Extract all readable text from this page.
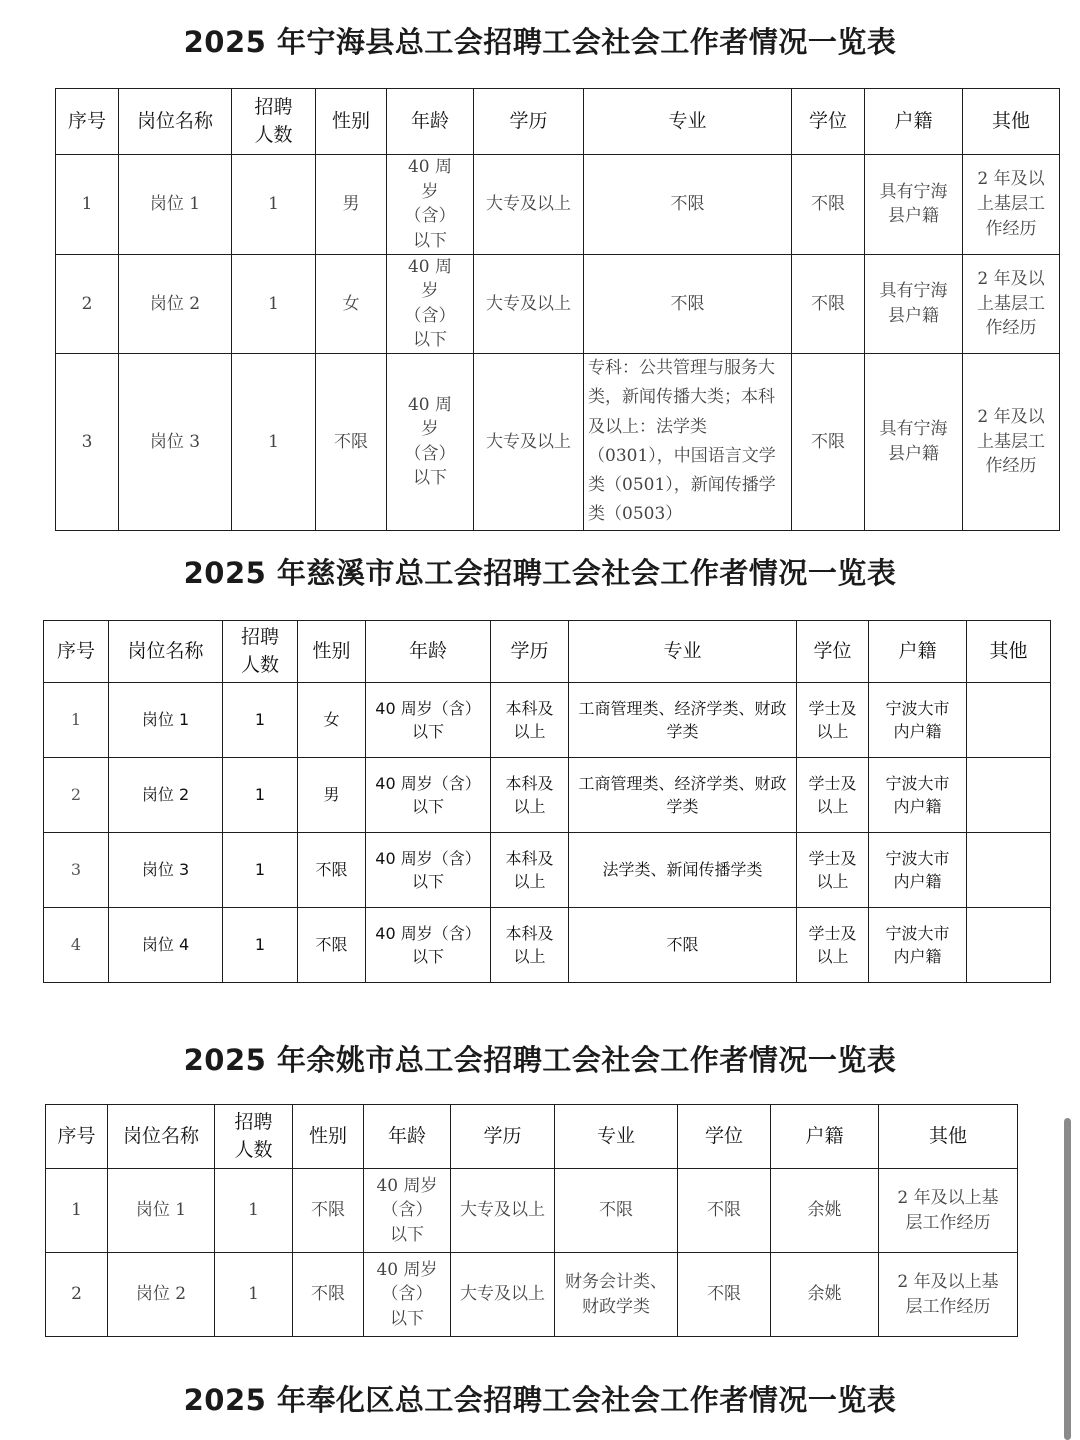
2025 年宁海县总工会招聘工会社会工作者情况一览表
序号	岗位名称	招聘人数	性别	年龄	学历	专业	学位	户籍	其他
1	岗位 1	1	男	40 周岁（含）以下	大专及以上	不限	不限	具有宁海县户籍	2 年及以上基层工作经历
2	岗位 2	1	女	40 周岁（含）以下	大专及以上	不限	不限	具有宁海县户籍	2 年及以上基层工作经历
3	岗位 3	1	不限	40 周岁（含）以下	大专及以上	专科：公共管理与服务大类，新闻传播大类；本科及以上：法学类（0301），中国语言文学类（0501），新闻传播学类（0503）	不限	具有宁海县户籍	2 年及以上基层工作经历
2025 年慈溪市总工会招聘工会社会工作者情况一览表
序号	岗位名称	招聘人数	性别	年龄	学历	专业	学位	户籍	其他
1	岗位 1	1	女	40 周岁（含）以下	本科及以上	工商管理类、经济学类、财政学类	学士及以上	宁波大市内户籍	
2	岗位 2	1	男	40 周岁（含）以下	本科及以上	工商管理类、经济学类、财政学类	学士及以上	宁波大市内户籍	
3	岗位 3	1	不限	40 周岁（含）以下	本科及以上	法学类、新闻传播学类	学士及以上	宁波大市内户籍	
4	岗位 4	1	不限	40 周岁（含）以下	本科及以上	不限	学士及以上	宁波大市内户籍	
2025 年余姚市总工会招聘工会社会工作者情况一览表
序号	岗位名称	招聘人数	性别	年龄	学历	专业	学位	户籍	其他
1	岗位 1	1	不限	40 周岁（含）以下	大专及以上	不限	不限	余姚	2 年及以上基层工作经历
2	岗位 2	1	不限	40 周岁（含）以下	大专及以上	财务会计类、财政学类	不限	余姚	2 年及以上基层工作经历
2025 年奉化区总工会招聘工会社会工作者情况一览表
